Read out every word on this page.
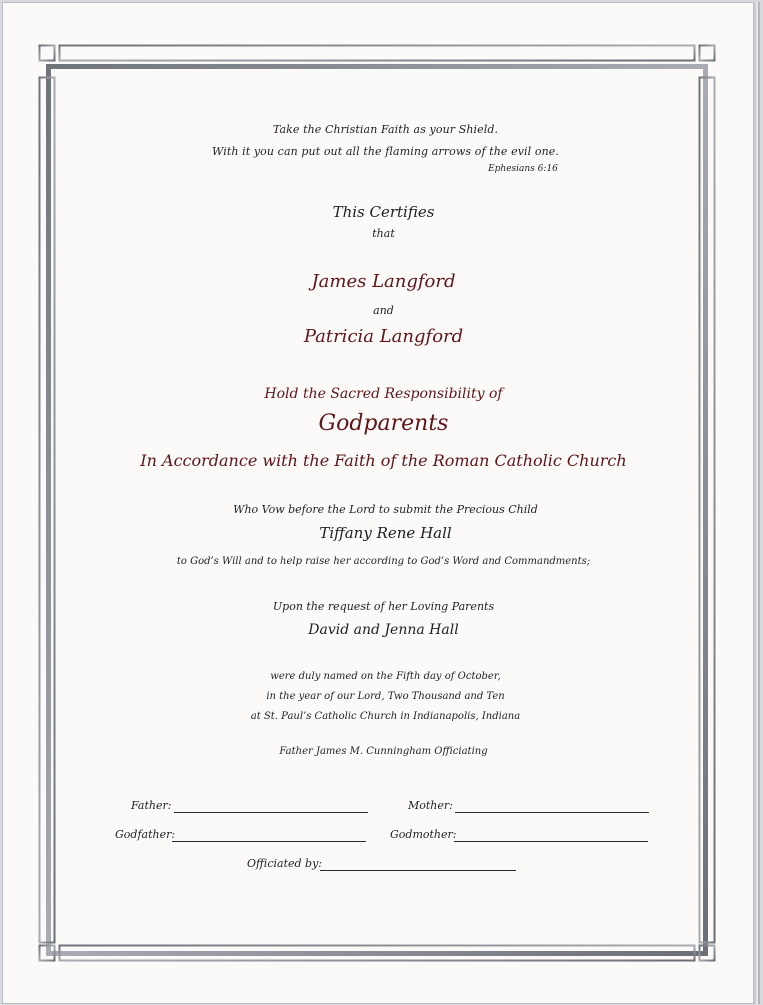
Take the Christian Faith as your Shield.

With it you can put out all the flaming arrows of the evil one.

Ephesians 6:16

This Certifies

that

James Langford

and

Patricia Langford

Hold the Sacred Responsibility of

Godparents

In Accordance with the Faith of the Roman Catholic Church

Who Vow before the Lord to submit the Precious Child

Tiffany Rene Hall

to God’s Will and to help raise her according to God’s Word and Commandments;

Upon the request of her Loving Parents

David and Jenna Hall

were duly named on the Fifth day of October,

in the year of our Lord, Two Thousand and Ten

at St. Paul’s Catholic Church in Indianapolis, Indiana

Father James M. Cunningham Officiating

Father:	Mother:
Godfather:	Godmother:
Officiated by:
